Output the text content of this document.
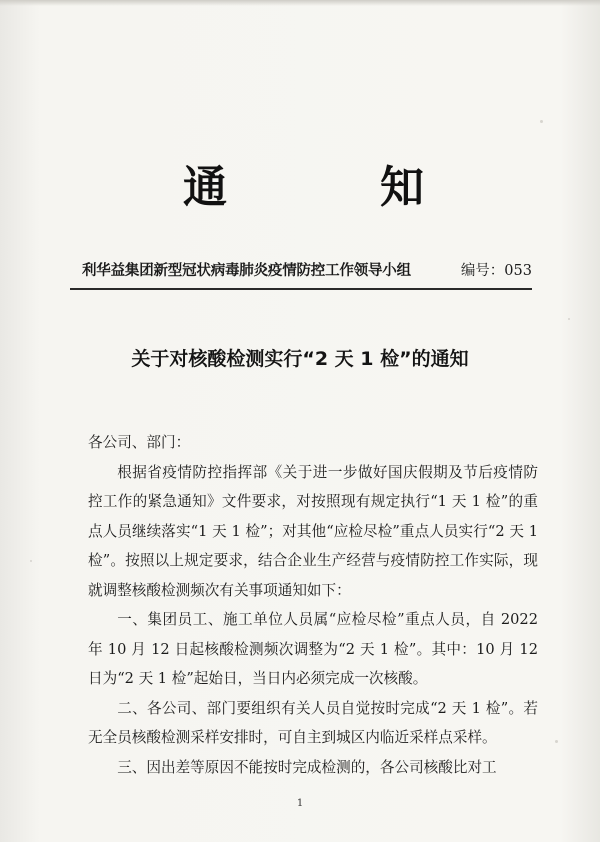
通	知
利华益集团新型冠状病毒肺炎疫情防控工作领导小组	编号：053
关于对核酸检测实行“2 天 1 检”的通知

各公司、部门：

根据省疫情防控指挥部《关于进一步做好国庆假期及节后疫情防控工作的紧急通知》文件要求，对按照现有规定执行“1 天 1 检”的重点人员继续落实“1 天 1 检”；对其他“应检尽检”重点人员实行“2 天 1 检”。按照以上规定要求，结合企业生产经营与疫情防控工作实际，现就调整核酸检测频次有关事项通知如下：

一、集团员工、施工单位人员属“应检尽检”重点人员，自 2022 年 10 月 12 日起核酸检测频次调整为“2 天 1 检”。其中：10 月 12 日为“2 天 1 检”起始日，当日内必须完成一次核酸。

二、各公司、部门要组织有关人员自觉按时完成“2 天 1 检”。若无全员核酸检测采样安排时，可自主到城区内临近采样点采样。

三、因出差等原因不能按时完成检测的，各公司核酸比对工

1
